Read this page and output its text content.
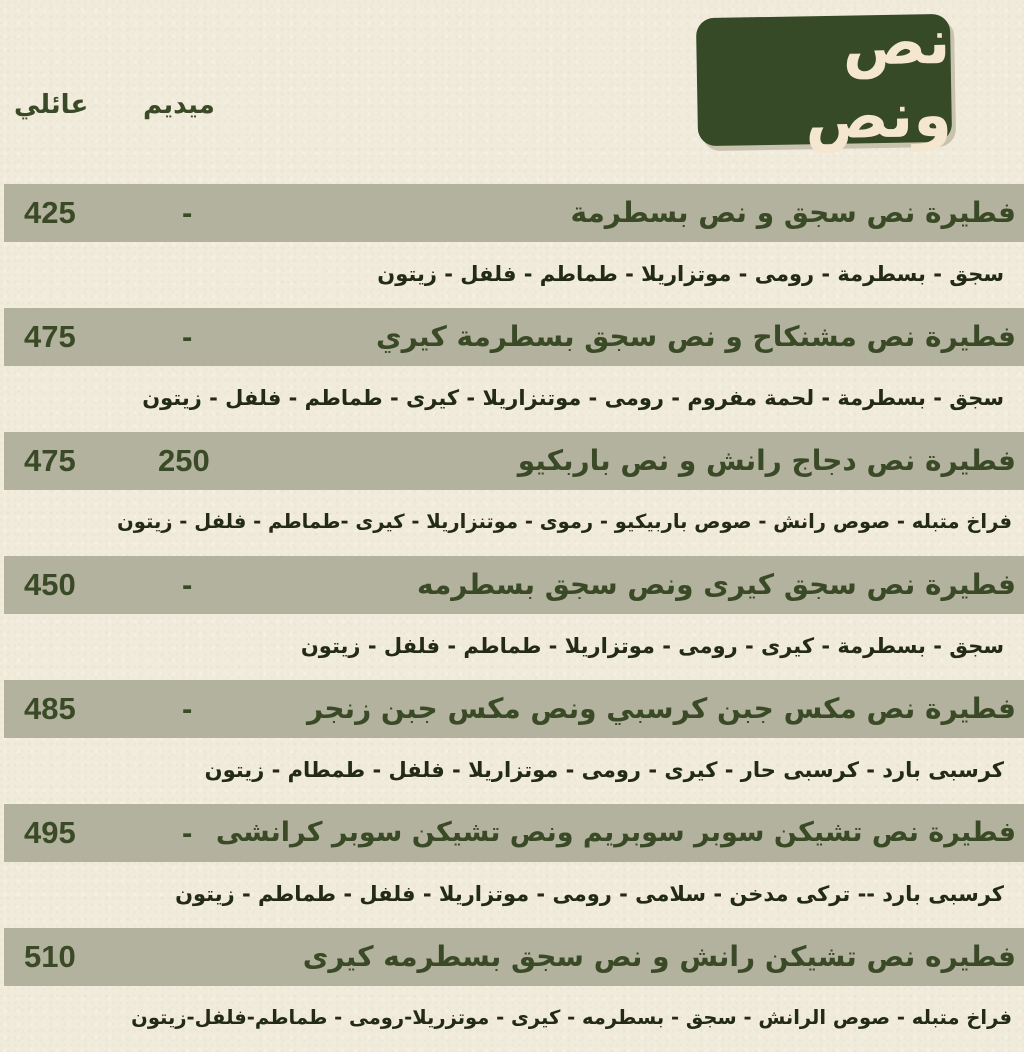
نص ونص
عائلي ميديم
425	-	فطيرة نص سجق و نص بسطرمة
سجق - بسطرمة - رومى - موتزاريلا - طماطم - فلفل - زيتون
475	-	فطيرة نص مشنكاح و نص سجق بسطرمة كيري
سجق - بسطرمة - لحمة مفروم - رومى - موتنزاريلا - كيرى - طماطم - فلفل - زيتون
475	250	فطيرة نص دجاج رانش و نص باربكيو
فراخ متبله - صوص رانش - صوص باربيكيو - رموى - موتنزاريلا - كيرى -طماطم - فلفل - زيتون
450	-	فطيرة نص سجق كيرى ونص سجق بسطرمه
سجق - بسطرمة - كيرى - رومى - موتزاريلا - طماطم - فلفل - زيتون
485	-	فطيرة نص مكس جبن كرسبي ونص مكس جبن زنجر
كرسبى بارد - كرسبى حار - كيرى - رومى - موتزاريلا - فلفل - طمطام - زيتون
495	- فطيرة نص تشيكن سوبر سوبريم ونص تشيكن سوبر كرانشى
كرسبى بارد -- تركى مدخن - سلامى - رومى - موتزاريلا - فلفل - طماطم - زيتون
510	فطيره نص تشيكن رانش و نص سجق بسطرمه كيرى
فراخ متبله - صوص الرانش - سجق - بسطرمه - كيرى - موتزريلا-رومى - طماطم-فلفل-زيتون
